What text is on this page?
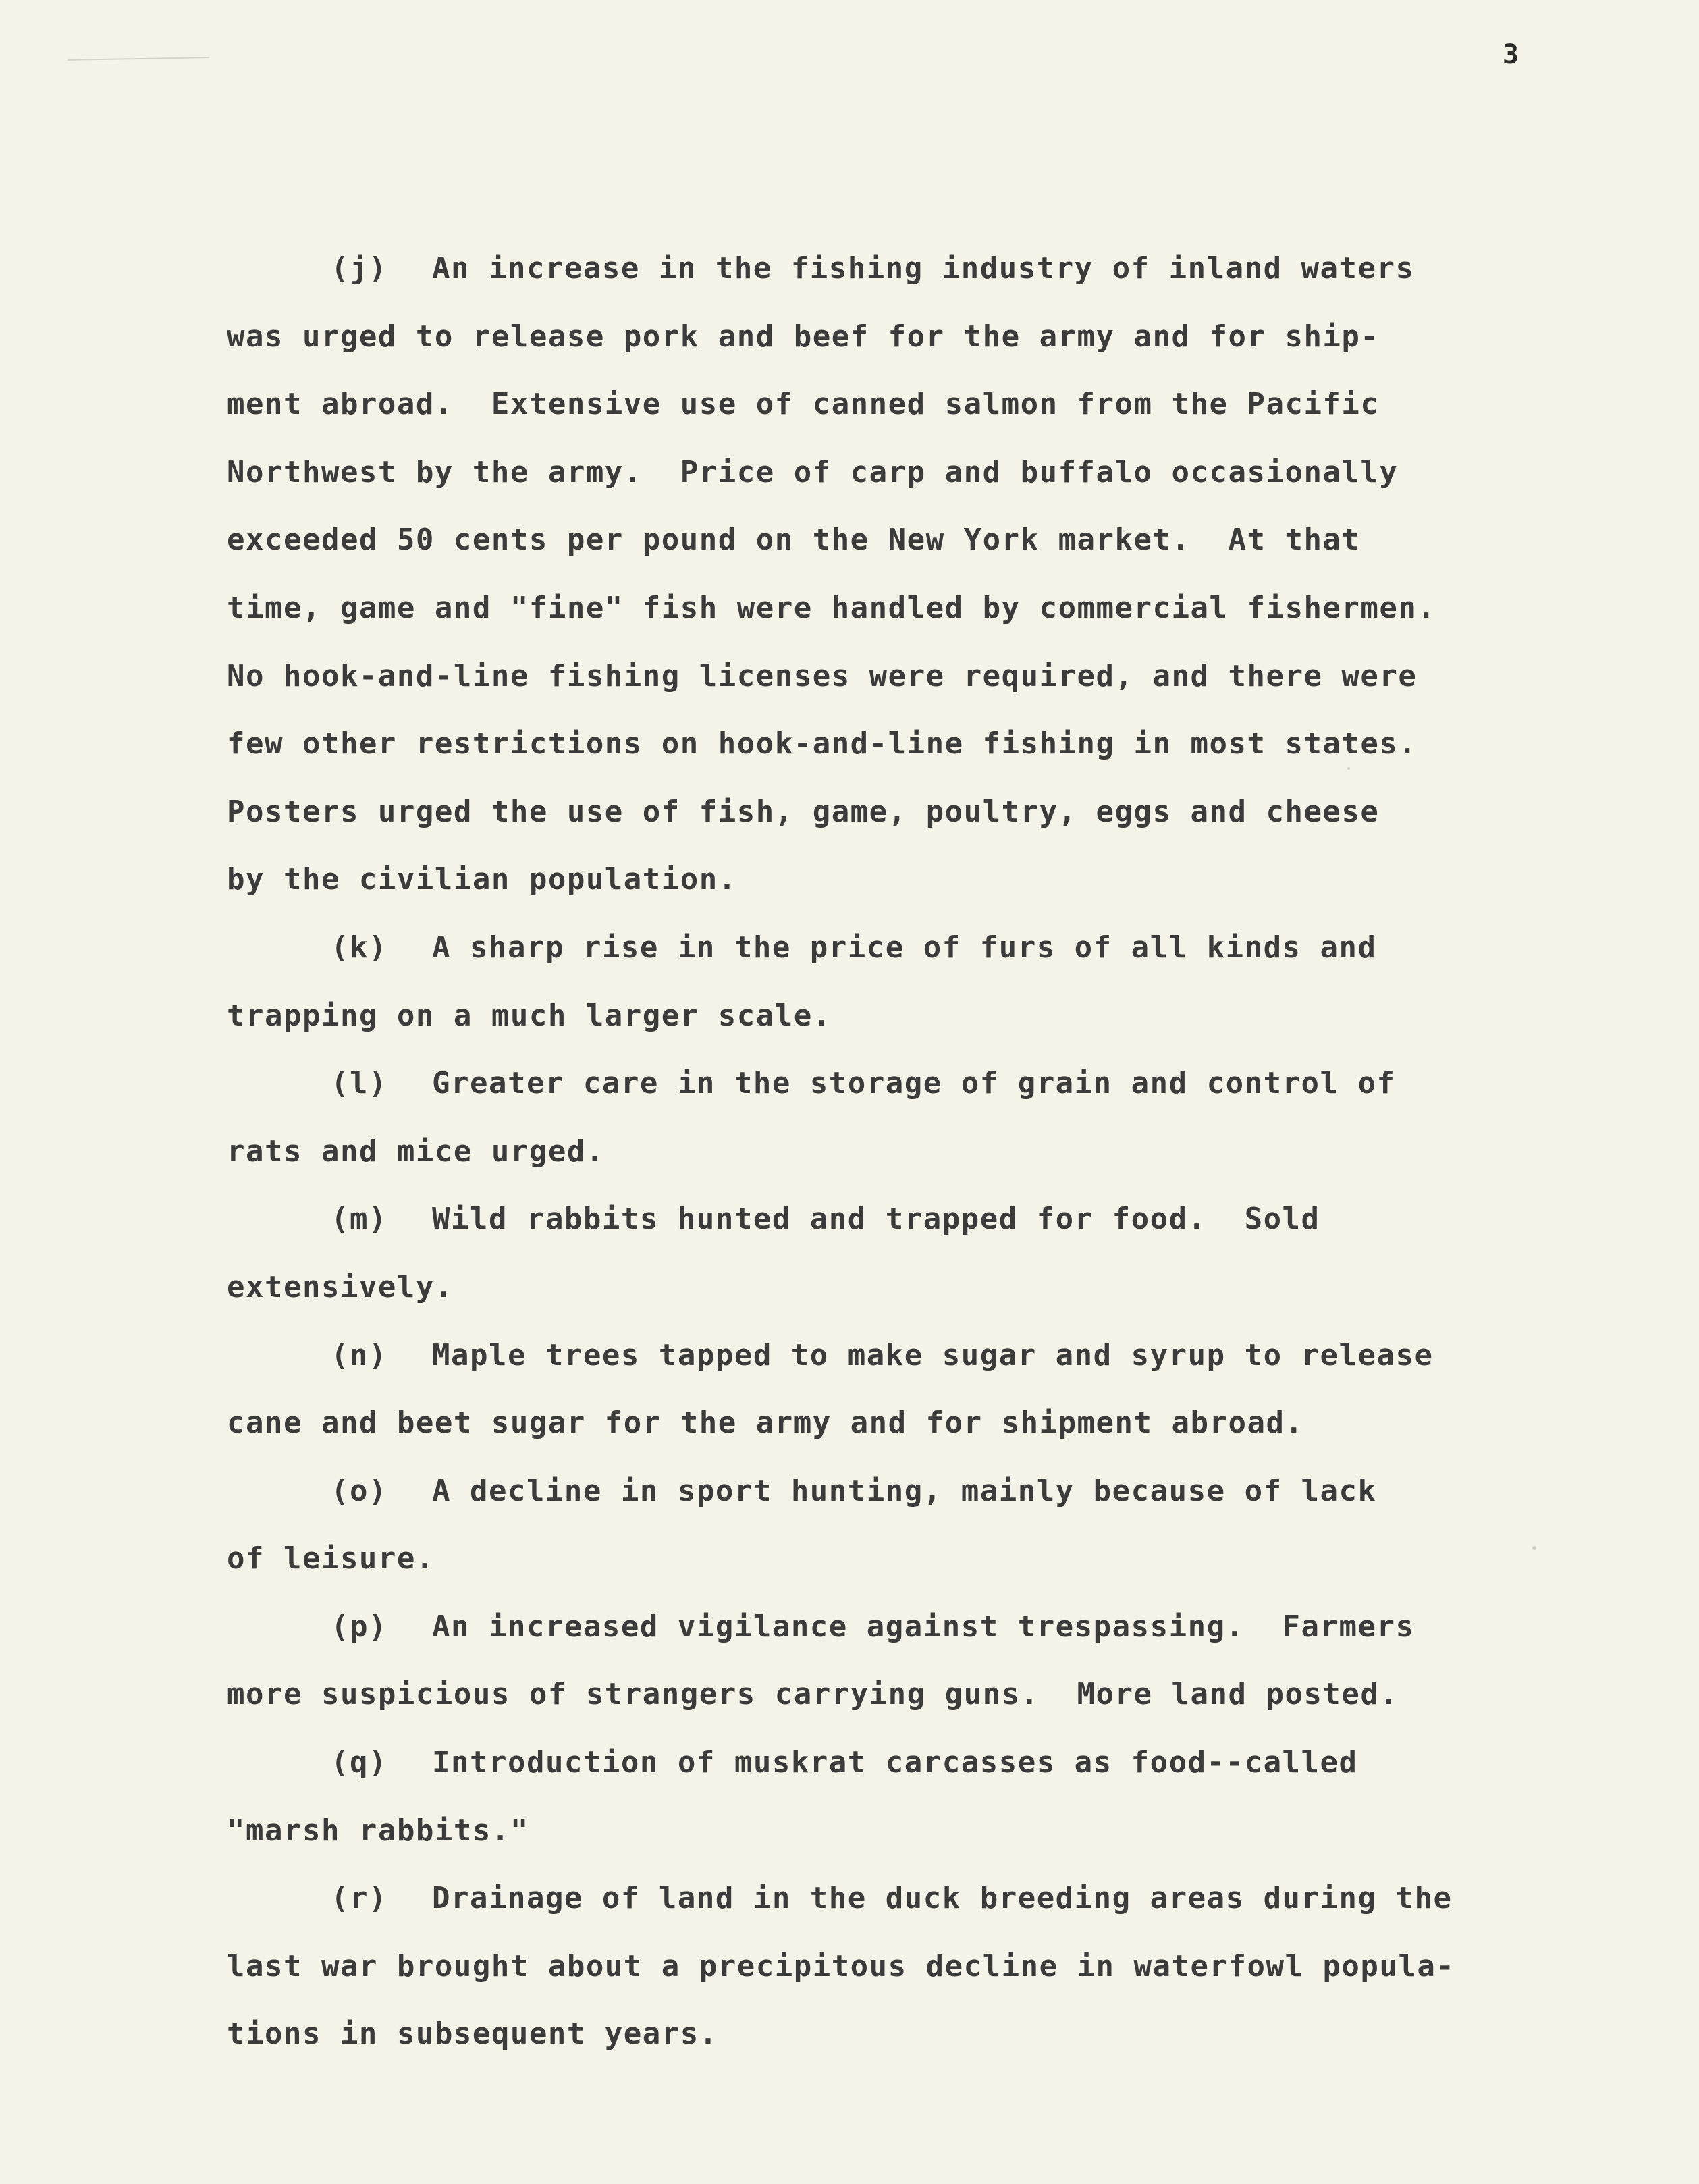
3
(j) An increase in the fishing industry of inland waters
was urged to release pork and beef for the army and for ship-
ment abroad.  Extensive use of canned salmon from the Pacific
Northwest by the army.  Price of carp and buffalo occasionally
exceeded 50 cents per pound on the New York market.  At that
time, game and "fine" fish were handled by commercial fishermen.
No hook-and-line fishing licenses were required, and there were
few other restrictions on hook-and-line fishing in most states.
Posters urged the use of fish, game, poultry, eggs and cheese
by the civilian population.
(k) A sharp rise in the price of furs of all kinds and
trapping on a much larger scale.
(l) Greater care in the storage of grain and control of
rats and mice urged.
(m) Wild rabbits hunted and trapped for food.  Sold
extensively.
(n) Maple trees tapped to make sugar and syrup to release
cane and beet sugar for the army and for shipment abroad.
(o) A decline in sport hunting, mainly because of lack
of leisure.
(p) An increased vigilance against trespassing.  Farmers
more suspicious of strangers carrying guns.  More land posted.
(q) Introduction of muskrat carcasses as food--called
"marsh rabbits."
(r) Drainage of land in the duck breeding areas during the
last war brought about a precipitous decline in waterfowl popula-
tions in subsequent years.
